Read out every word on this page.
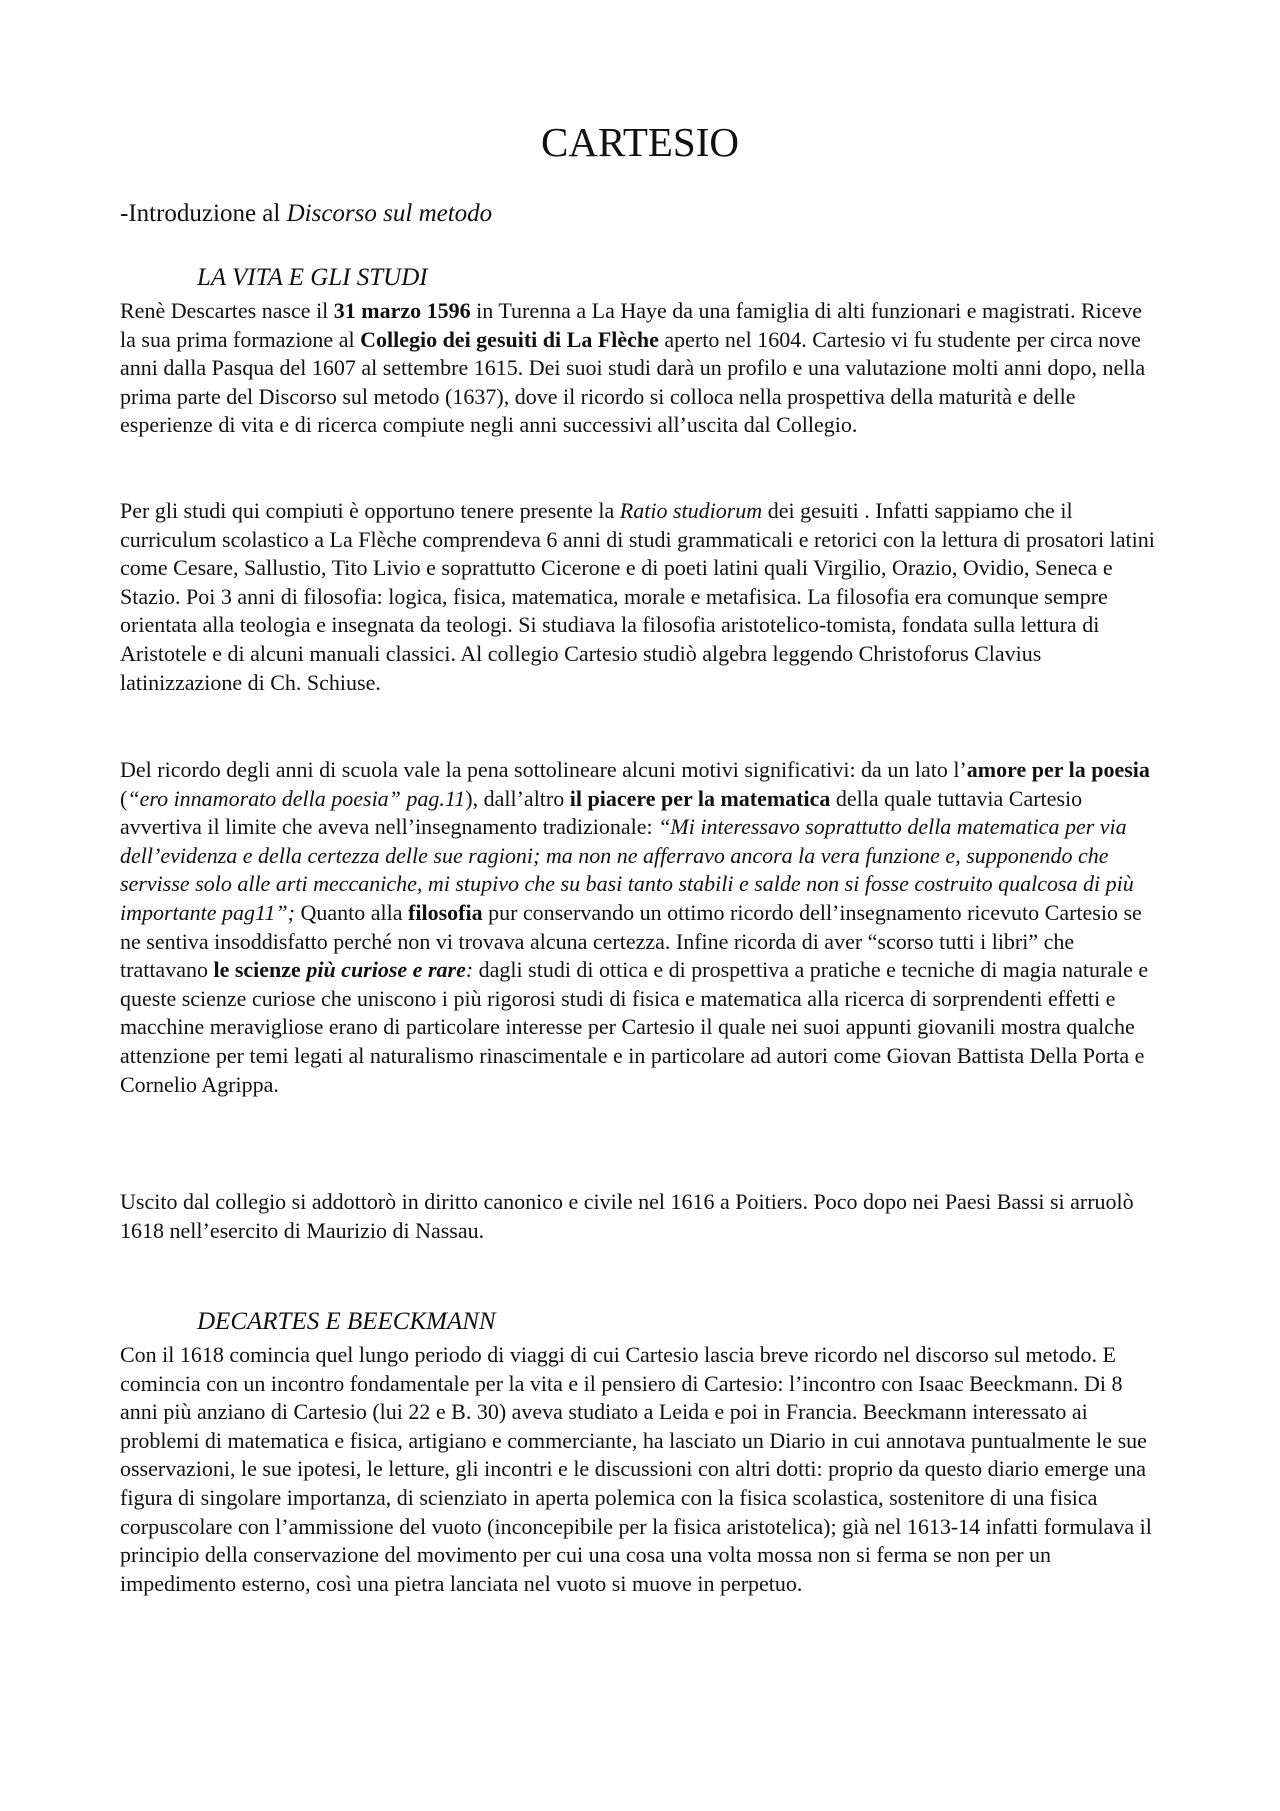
CARTESIO

-Introduzione al Discorso sul metodo

LA VITA E GLI STUDI

Renè Descartes nasce il 31 marzo 1596 in Turenna a La Haye da una famiglia di alti funzionari e magistrati. Riceve la sua prima formazione al Collegio dei gesuiti di La Flèche aperto nel 1604. Cartesio vi fu studente per circa nove anni dalla Pasqua del 1607 al settembre 1615. Dei suoi studi darà un profilo e una valutazione molti anni dopo, nella prima parte del Discorso sul metodo (1637), dove il ricordo si colloca nella prospettiva della maturità e delle esperienze di vita e di ricerca compiute negli anni successivi all’uscita dal Collegio.

Per gli studi qui compiuti è opportuno tenere presente la Ratio studiorum dei gesuiti . Infatti sappiamo che il curriculum scolastico a La Flèche comprendeva 6 anni di studi grammaticali e retorici con la lettura di prosatori latini come Cesare, Sallustio, Tito Livio e soprattutto Cicerone e di poeti latini quali Virgilio, Orazio, Ovidio, Seneca e Stazio. Poi 3 anni di filosofia: logica, fisica, matematica, morale e metafisica. La filosofia era comunque sempre orientata alla teologia e insegnata da teologi. Si studiava la filosofia aristotelico-tomista, fondata sulla lettura di Aristotele e di alcuni manuali classici. Al collegio Cartesio studiò algebra leggendo Christoforus Clavius latinizzazione di Ch. Schiuse.

Del ricordo degli anni di scuola vale la pena sottolineare alcuni motivi significativi: da un lato l’amore per la poesia (“ero innamorato della poesia” pag.11), dall’altro il piacere per la matematica della quale tuttavia Cartesio avvertiva il limite che aveva nell’insegnamento tradizionale: “Mi interessavo soprattutto della matematica per via dell’evidenza e della certezza delle sue ragioni; ma non ne afferravo ancora la vera funzione e, supponendo che servisse solo alle arti meccaniche, mi stupivo che su basi tanto stabili e salde non si fosse costruito qualcosa di più importante pag11”; Quanto alla filosofia pur conservando un ottimo ricordo dell’insegnamento ricevuto Cartesio se ne sentiva insoddisfatto perché non vi trovava alcuna certezza. Infine ricorda di aver “scorso tutti i libri” che trattavano le scienze più curiose e rare: dagli studi di ottica e di prospettiva a pratiche e tecniche di magia naturale e queste scienze curiose che uniscono i più rigorosi studi di fisica e matematica alla ricerca di sorprendenti effetti e macchine meravigliose erano di particolare interesse per Cartesio il quale nei suoi appunti giovanili mostra qualche attenzione per temi legati al naturalismo rinascimentale e in particolare ad autori come Giovan Battista Della Porta e Cornelio Agrippa.

Uscito dal collegio si addottorò in diritto canonico e civile nel 1616 a Poitiers. Poco dopo nei Paesi Bassi si arruolò 1618 nell’esercito di Maurizio di Nassau.

DECARTES E BEECKMANN

Con il 1618 comincia quel lungo periodo di viaggi di cui Cartesio lascia breve ricordo nel discorso sul metodo. E comincia con un incontro fondamentale per la vita e il pensiero di Cartesio: l’incontro con Isaac Beeckmann. Di 8 anni più anziano di Cartesio (lui 22 e B. 30) aveva studiato a Leida e poi in Francia. Beeckmann interessato ai problemi di matematica e fisica, artigiano e commerciante, ha lasciato un Diario in cui annotava puntualmente le sue osservazioni, le sue ipotesi, le letture, gli incontri e le discussioni con altri dotti: proprio da questo diario emerge una figura di singolare importanza, di scienziato in aperta polemica con la fisica scolastica, sostenitore di una fisica corpuscolare con l’ammissione del vuoto (inconcepibile per la fisica aristotelica); già nel 1613-14 infatti formulava il principio della conservazione del movimento per cui una cosa una volta mossa non si ferma se non per un impedimento esterno, così una pietra lanciata nel vuoto si muove in perpetuo.
